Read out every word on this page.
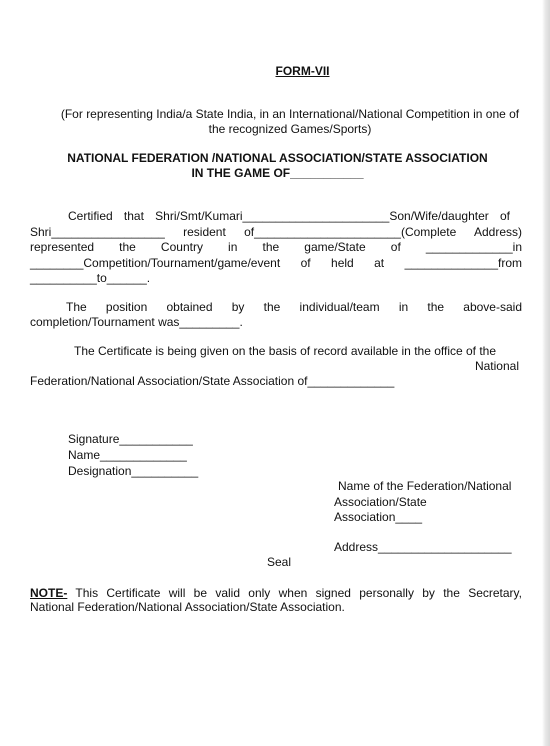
FORM-VII
(For representing India/a State India, in an International/National Competition in one of
the recognized Games/Sports)
NATIONAL FEDERATION /NATIONAL ASSOCIATION/STATE ASSOCIATION
IN THE GAME OF___________
Certified that Shri/Smt/Kumari______________________Son/Wife/daughter of
Shri_________________ resident of______________________(Complete Address)
represented the Country in the game/State of _____________in
________Competition/Tournament/game/event of held at ______________from
__________to______.
The position obtained by the individual/team in the above-said
completion/Tournament was_________.
The Certificate is being given on the basis of record available in the office of the
National
Federation/National Association/State Association of_____________
Signature___________
Name_____________
Designation__________
Name of the Federation/National
Association/State
Association____
Address____________________
Seal
NOTE- This Certificate will be valid only when signed personally by the Secretary,
National Federation/National Association/State Association.
